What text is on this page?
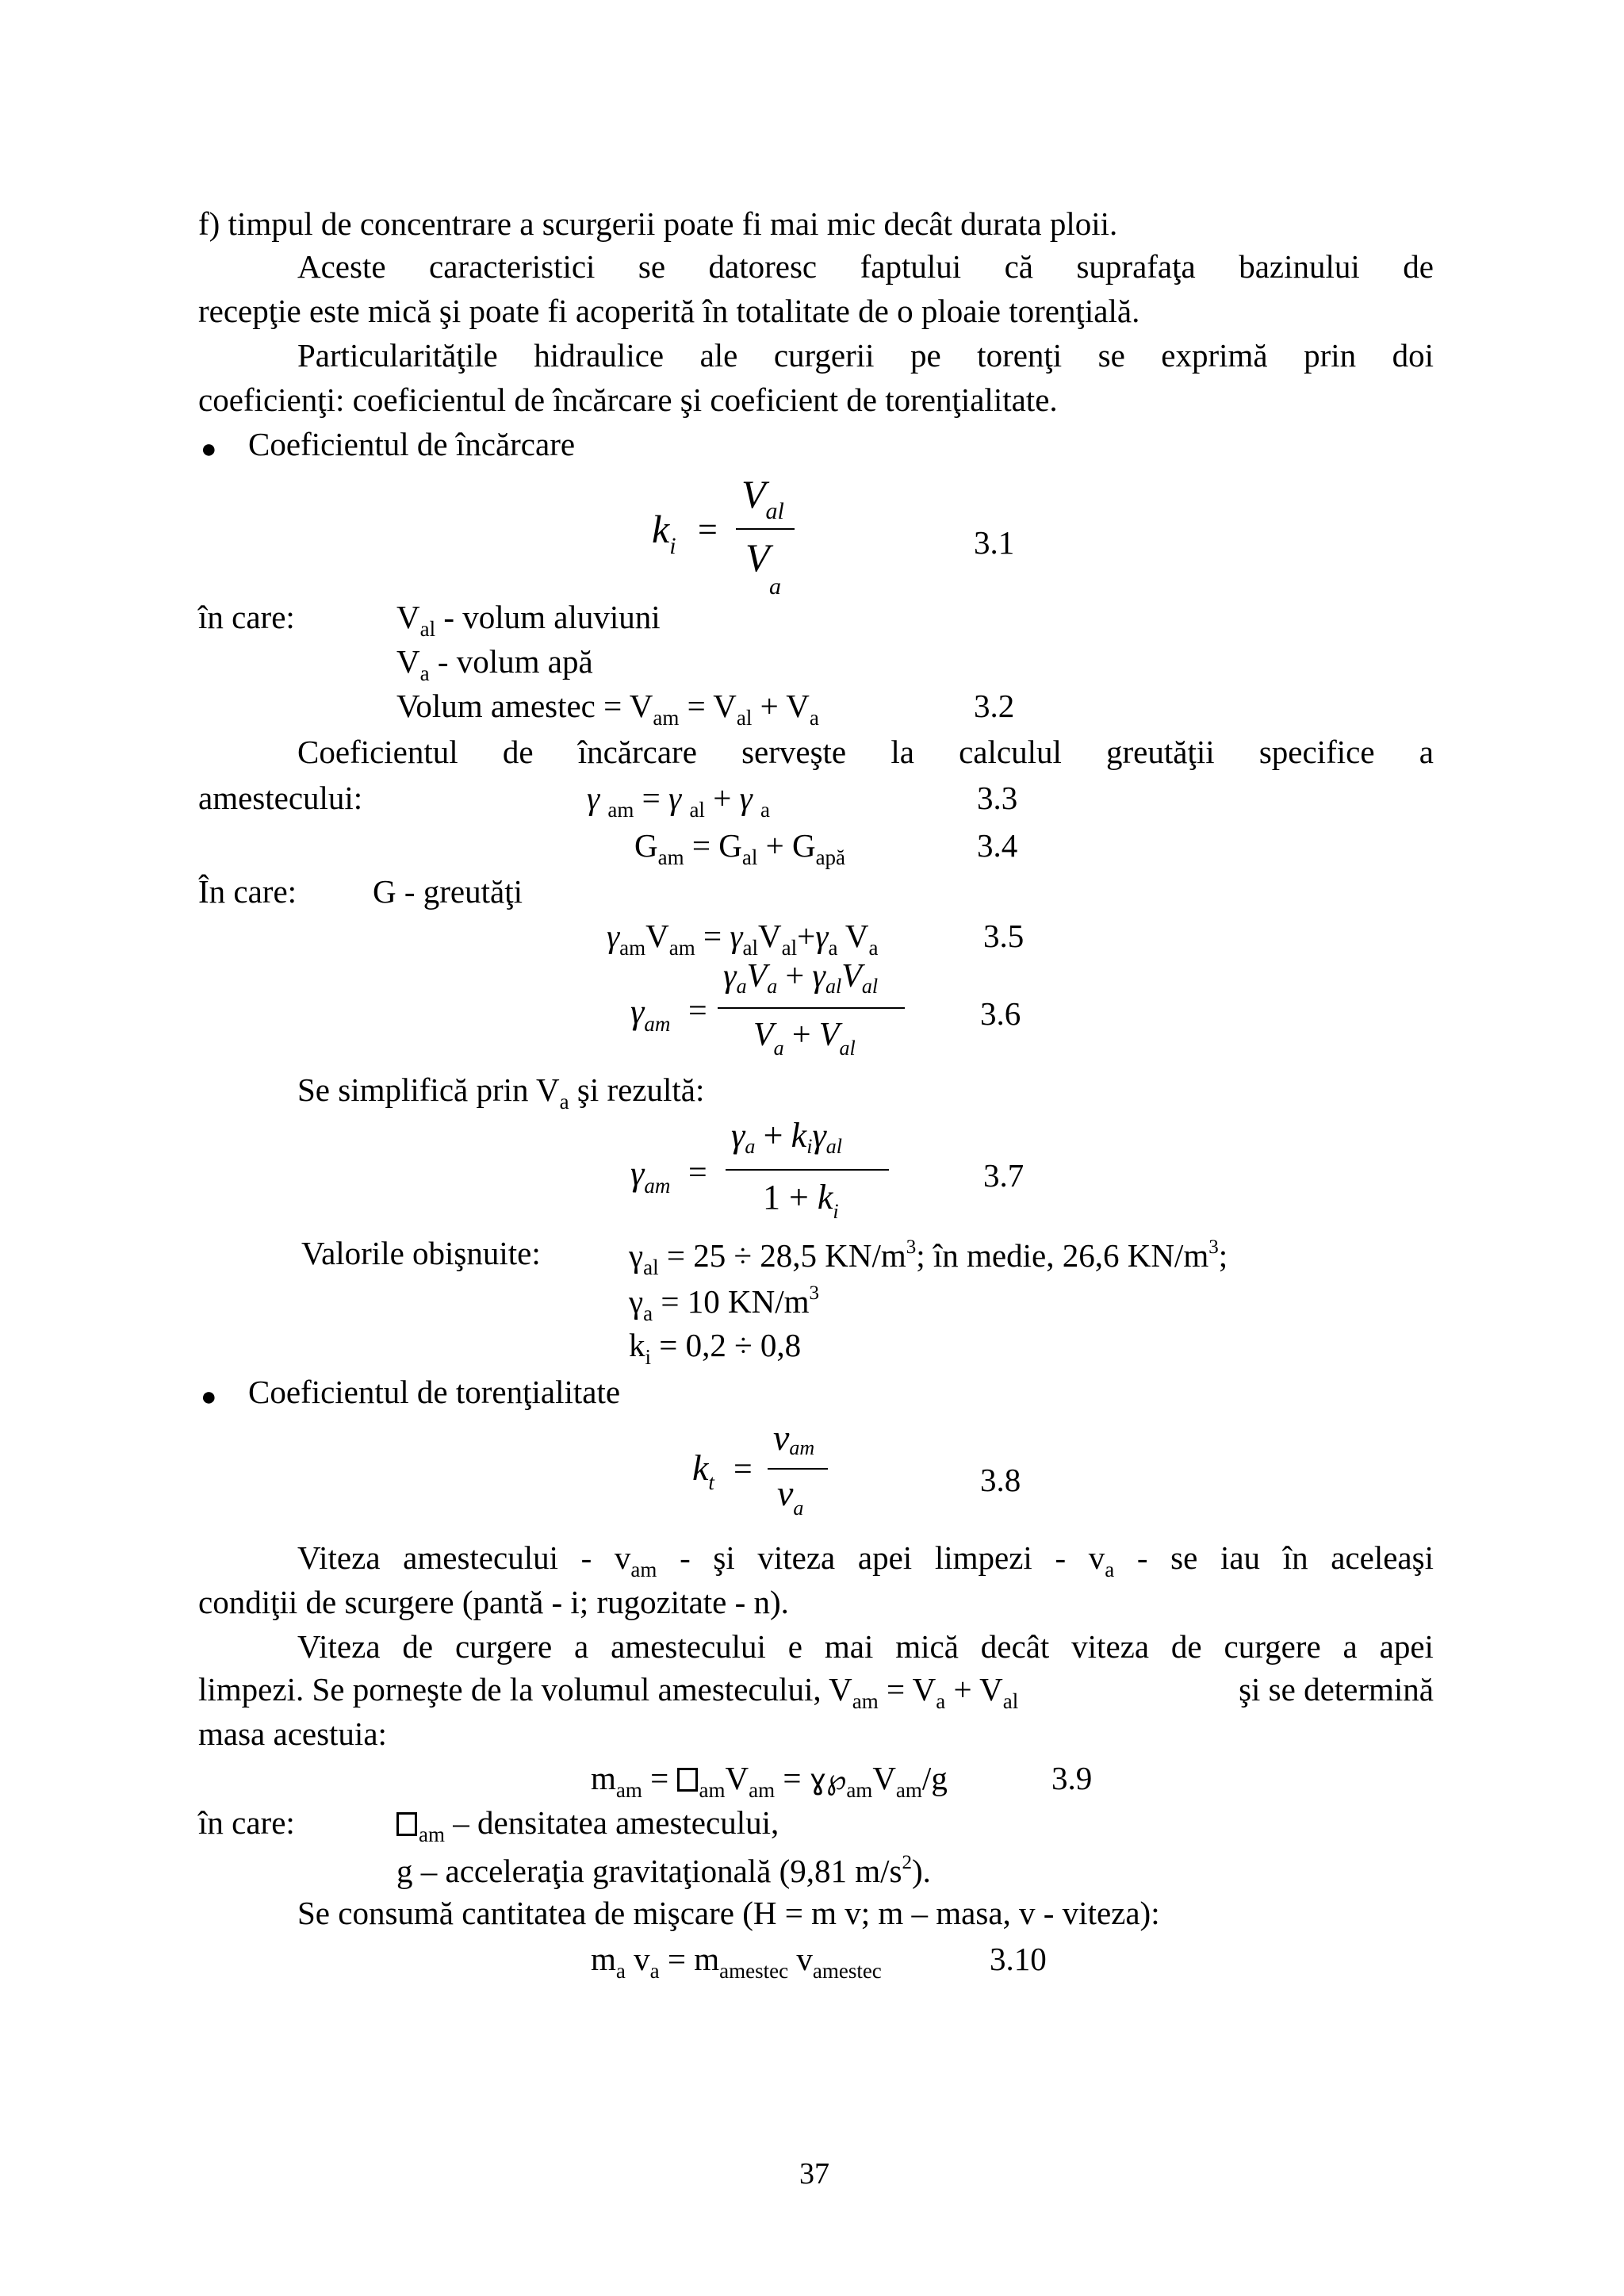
f) timpul de concentrare a scurgerii poate fi mai mic decât durata ploii.
Aceste caracteristici se datoresc faptului că suprafaţa bazinului de
recepţie este mică şi poate fi acoperită în totalitate de o ploaie torenţială.
Particularităţile hidraulice ale curgerii pe torenţi se exprimă prin doi
coeficienţi: coeficientul de încărcare şi coeficient de torenţialitate.
● Coeficientul de încărcare
$k_i$ =
$V_{al}$
V
a
3.1
în care:	$V_{al}$ - volum aluviuni
$V_a$ - volum apă
Volum amestec = $V_{am} = V_{al} + V_a$	3.2
Coeficientul de încărcare serveşte la calculul greutăţii specifice a
amestecului:	γ $_{am}$ = γ $_{al}$ + γ $_a$	3.3
$G_{am} = G_{al} + G_{apă}$	3.4
În care: G - greutăţi
$\gamma_{am}V_{am} = \gamma_{al}V_{al}+\gamma_a$ $V_a$	3.5
$\gamma_{am}$ =
γaVa + γalVal
$V_a + V_{al}$
3.6
Se simplifică prin $V_a$ şi rezultă:
$\gamma_{am}$ =
γa + kiγal
$1 + k_i$
3.7
Valorile obişnuite:	$\gamma_{al} = 25 \div 28,5$ $KN/m^3$; în medie, 26,6 $KN/m^3$;
$\gamma_a = 10$ $KN/m^3$
$k_i = 0,2 \div 0,8$
● Coeficientul de torenţialitate
$k_t$ =
vam
$v_a$
3.8
Viteza amestecului - $v_{am}$ - şi viteza apei limpezi - $v_a$ - se iau în aceleaşi
condiţii de scurgere (pantă - i; rugozitate - n).
Viteza de curgere a amestecului e mai mică decât viteza de curgere a apei
limpezi. Se porneşte de la volumul amestecului, $V_{am} = V_a + V_{al}$	şi se determină
masa acestuia:
$m_{am} = _{am}V_{am}$ = $ɣ℘_{am}V_{am}/g$	3.9
în care:	$_{am}$ – densitatea amestecului,
g – acceleraţia gravitaţională (9,81 $m/s^2$).
Se consumă cantitatea de mişcare (H = m v; m – masa, v - viteza):
$m_a$ $v_a = m_{amestec}$ $v_{amestec}$	3.10
37
